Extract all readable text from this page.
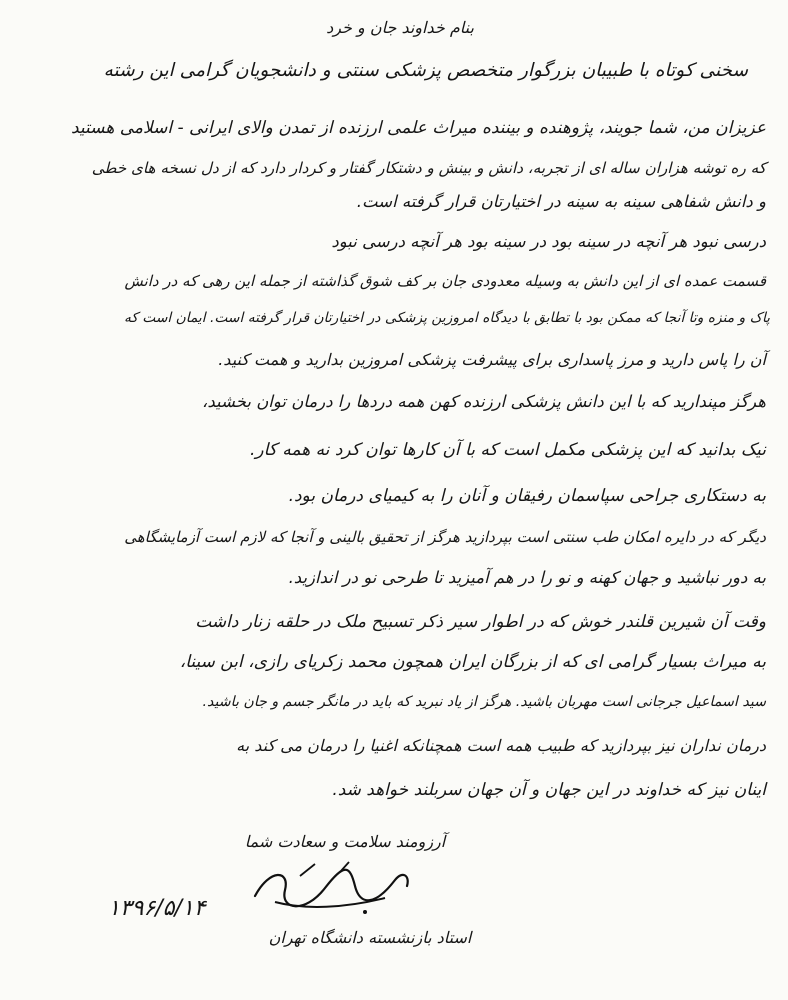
بنام خداوند جان و خرد
سخنی کوتاه با طبیبان بزرگوار متخصص پزشکی سنتی و دانشجویان گرامی این رشته
عزیزان من، شما جویند، پژوهنده و بیننده میراث علمی ارزنده از تمدن والای ایرانی - اسلامی هستید
که ره توشه هزاران ساله ای از تجربه، دانش و بینش و دشتکار گفتار و کردار دارد که از دل نسخه های خطی
و دانش شفاهی سینه به سینه در اختیارتان قرار گرفته است.
درسی نبود هر آنچه در سینه بود در سینه بود هر آنچه درسی نبود
قسمت عمده ای از این دانش به وسیله معدودی جان بر کف شوق گذاشته از جمله این رهی که در دانش
پاک و منزه وتا آنجا که ممکن بود با تطابق با دیدگاه امروزین پزشکی در اختیارتان قرار گرفته است. ایمان است که
آن را پاس دارید و مرز پاسداری برای پیشرفت پزشکی امروزین بدارید و همت کنید.
هرگز مپندارید که با این دانش پزشکی ارزنده کهن همه دردها را درمان توان بخشید،
نیک بدانید که این پزشکی مکمل است که با آن کارها توان کرد نه همه کار.
به دستکاری جراحی سپاسمان رفیقان و آنان را به کیمیای درمان بود.
دیگر که در دایره امکان طب سنتی است بپردازید هرگز از تحقیق بالینی و آنجا که لازم است آزمایشگاهی
به دور نباشید و جهان کهنه و نو را در هم آمیزید تا طرحی نو در اندازید.
وقت آن شیرین قلندر خوش که در اطوار سیر ذکر تسبیح ملک در حلقه زنار داشت
به میراث بسیار گرامی ای که از بزرگان ایران همچون محمد زکریای رازی، ابن سینا،
سید اسماعیل جرجانی است مهربان باشید. هرگز از یاد نبرید که باید در مانگر جسم و جان باشید.
درمان نداران نیز بپردازید که طبیب همه است همچنانکه اغنیا را درمان می کند به
اینان نیز که خداوند در این جهان و آن جهان سربلند خواهد شد.
آرزومند سلامت و سعادت شما
۱۳۹۶/۵/۱۴
استاد بازنشسته دانشگاه تهران
